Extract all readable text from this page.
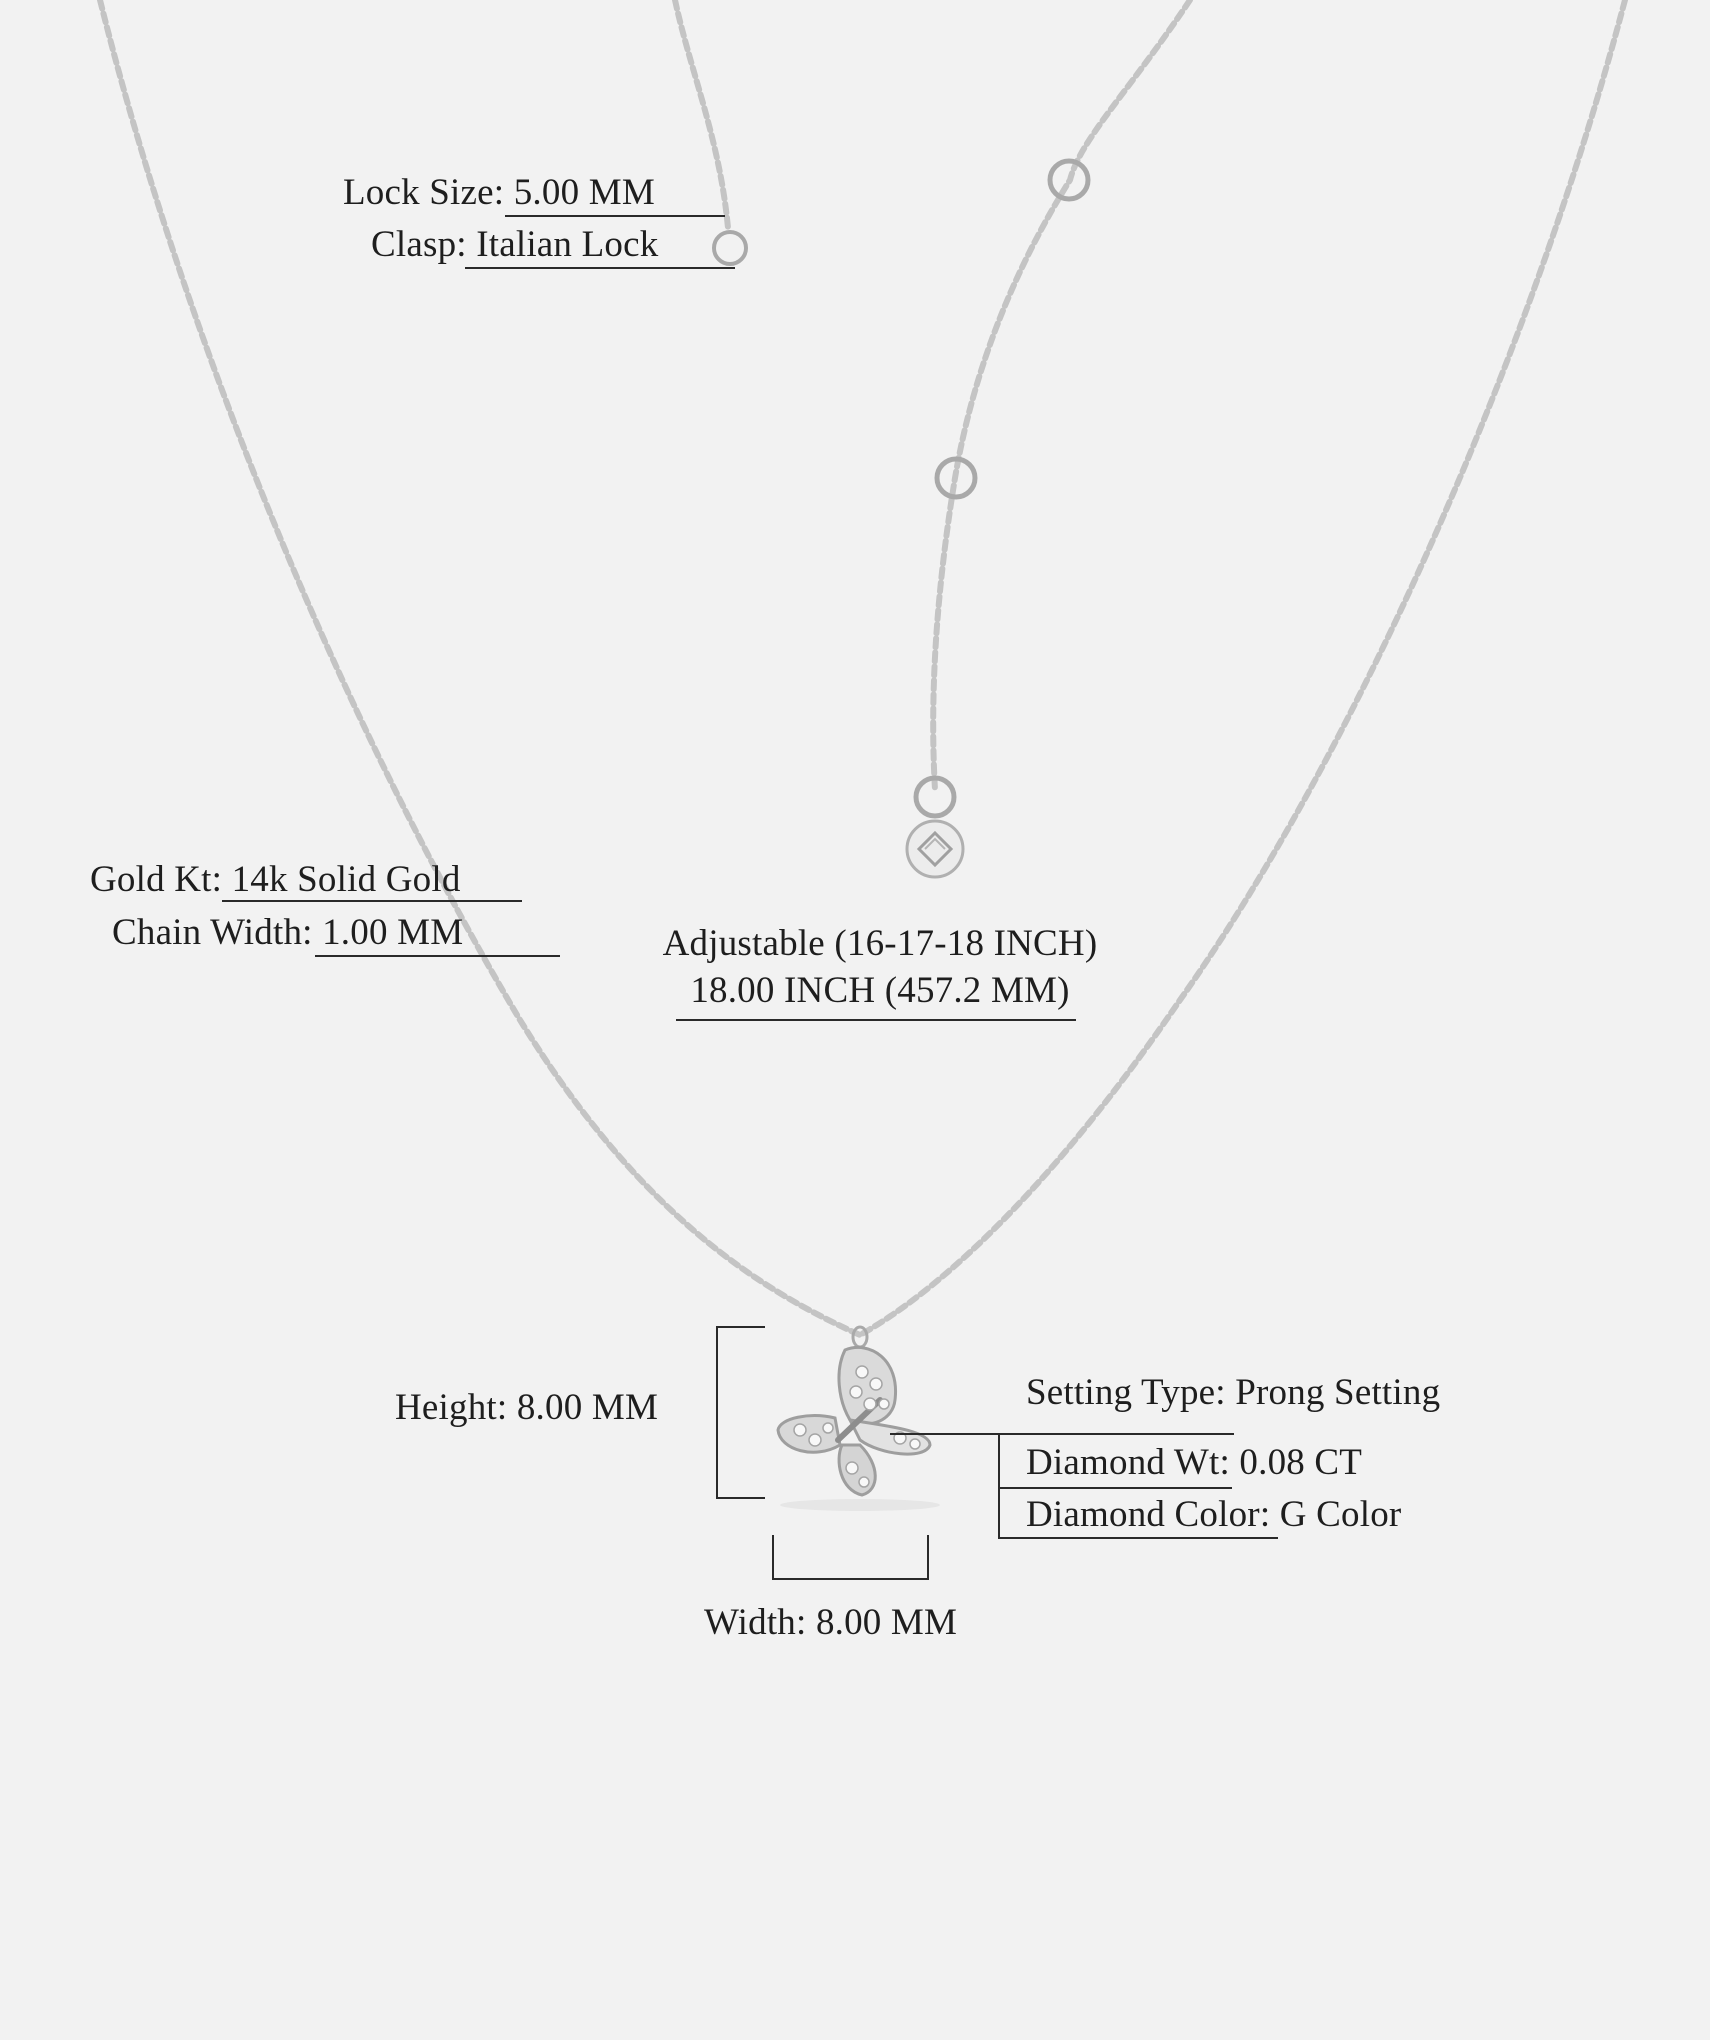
Lock Size: 5.00 MM
Clasp: Italian Lock
Gold Kt: 14k Solid Gold
Chain Width: 1.00 MM	Adjustable (16-17-18 INCH)
18.00 INCH (457.2 MM)
Height: 8.00 MM
Width: 8.00 MM
Setting Type: Prong Setting
Diamond Wt: 0.08 CT
Diamond Color: G Color
